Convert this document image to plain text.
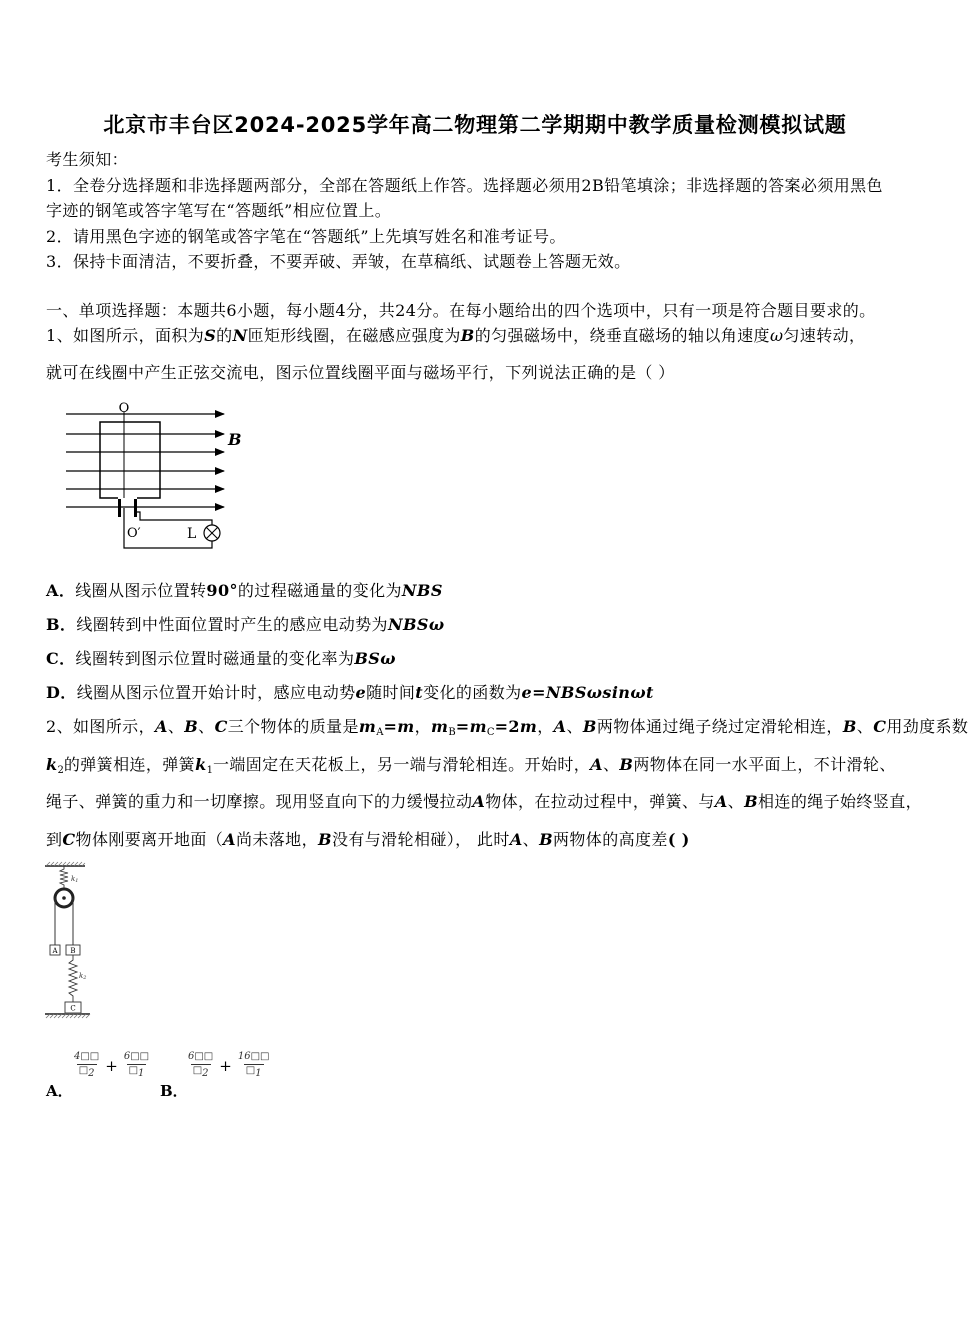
北京市丰台区2024-2025学年高二物理第二学期期中教学质量检测模拟试题
考生须知：
1．全卷分选择题和非选择题两部分，全部在答题纸上作答。选择题必须用2B铅笔填涂；非选择题的答案必须用黑色
字迹的钢笔或答字笔写在“答题纸”相应位置上。
2．请用黑色字迹的钢笔或答字笔在“答题纸”上先填写姓名和准考证号。
3．保持卡面清洁，不要折叠，不要弄破、弄皱，在草稿纸、试题卷上答题无效。
一、单项选择题：本题共6小题，每小题4分，共24分。在每小题给出的四个选项中，只有一项是符合题目要求的。
1、如图所示，面积为S的N匝矩形线圈，在磁感应强度为B的匀强磁场中，绕垂直磁场的轴以角速度ω匀速转动，
就可在线圈中产生正弦交流电，图示位置线圈平面与磁场平行，下列说法正确的是（ ）
O
O′
B
L
A．线圈从图示位置转90°的过程磁通量的变化为NBS
B．线圈转到中性面位置时产生的感应电动势为NBSω
C．线圈转到图示位置时磁通量的变化率为BSω
D．线圈从图示位置开始计时，感应电动势e随时间t变化的函数为e=NBSωsinωt
2、如图所示，A、B、C三个物体的质量是$m_A=m$，$m_B=m_C=2m$，A、B两物体通过绳子绕过定滑轮相连，B、C用劲度系数
$k_2$的弹簧相连，弹簧$k_1$一端固定在天花板上，另一端与滑轮相连。开始时，A、B两物体在同一水平面上，不计滑轮、
绳子、弹簧的重力和一切摩擦。现用竖直向下的力缓慢拉动A物体，在拉动过程中，弹簧、与A、B相连的绳子始终竖直，
到C物体刚要离开地面（A尚未落地，B没有与滑轮相碰）， 此时A、B两物体的高度差( )
k1
A B
k2
C
A．
$\frac{4□□}{□2} + \frac{6□□}{□1}$
B．
$\frac{6□□}{□2} + \frac{16□□}{□1}$
